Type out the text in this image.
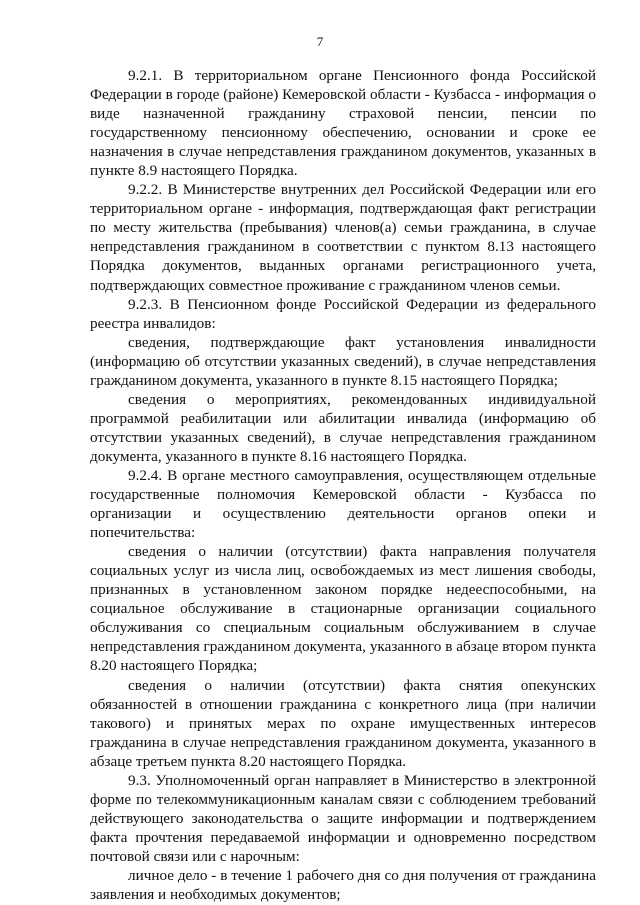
7

9.2.1. В территориальном органе Пенсионного фонда Российской Федерации в городе (районе) Кемеровской области - Кузбасса - информация о виде назначенной гражданину страховой пенсии, пенсии по государственному пенсионному обеспечению, основании и сроке ее назначения в случае непредставления гражданином документов, указанных в пункте 8.9 настоящего Порядка.

9.2.2. В Министерстве внутренних дел Российской Федерации или его территориальном органе - информация, подтверждающая факт регистрации по месту жительства (пребывания) членов(а) семьи гражданина, в случае непредставления гражданином в соответствии с пунктом 8.13 настоящего Порядка документов, выданных органами регистрационного учета, подтверждающих совместное проживание с гражданином членов семьи.

9.2.3. В Пенсионном фонде Российской Федерации из федерального реестра инвалидов:

сведения, подтверждающие факт установления инвалидности (информацию об отсутствии указанных сведений), в случае непредставления гражданином документа, указанного в пункте 8.15 настоящего Порядка;

сведения о мероприятиях, рекомендованных индивидуальной программой реабилитации или абилитации инвалида (информацию об отсутствии указанных сведений), в случае непредставления гражданином документа, указанного в пункте 8.16 настоящего Порядка.

9.2.4. В органе местного самоуправления, осуществляющем отдельные государственные полномочия Кемеровской области - Кузбасса по организации и осуществлению деятельности органов опеки и попечительства:

сведения о наличии (отсутствии) факта направления получателя социальных услуг из числа лиц, освобождаемых из мест лишения свободы, признанных в установленном законом порядке недееспособными, на социальное обслуживание в стационарные организации социального обслуживания со специальным социальным обслуживанием в случае непредставления гражданином документа, указанного в абзаце втором пункта 8.20 настоящего Порядка;

сведения о наличии (отсутствии) факта снятия опекунских обязанностей в отношении гражданина с конкретного лица (при наличии такового) и принятых мерах по охране имущественных интересов гражданина в случае непредставления гражданином документа, указанного в абзаце третьем пункта 8.20 настоящего Порядка.

9.3. Уполномоченный орган направляет в Министерство в электронной форме по телекоммуникационным каналам связи с соблюдением требований действующего законодательства о защите информации и подтверждением факта прочтения передаваемой информации и одновременно посредством почтовой связи или с нарочным:

личное дело - в течение 1 рабочего дня со дня получения от гражданина заявления и необходимых документов;
